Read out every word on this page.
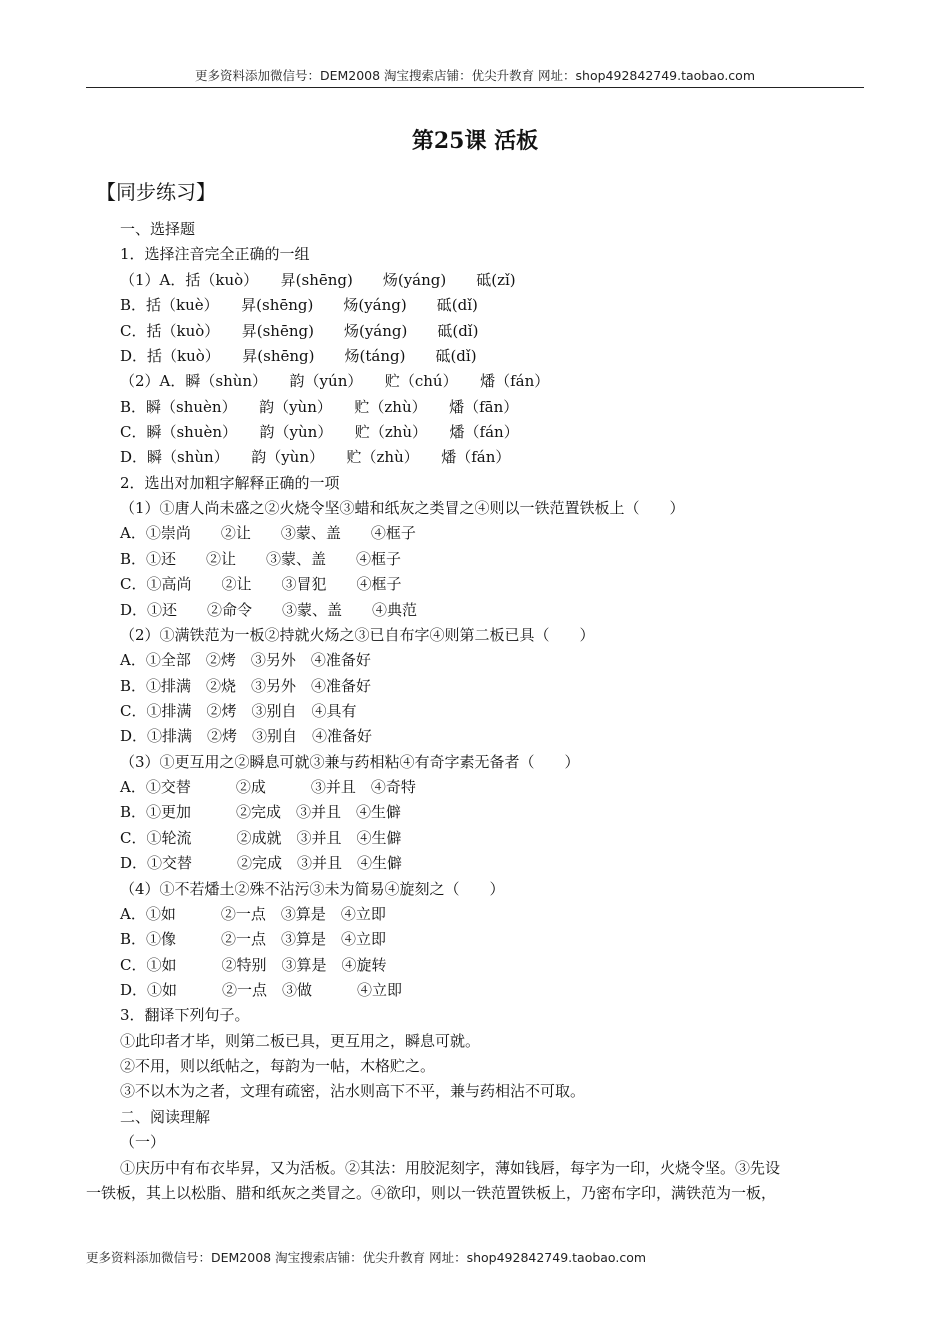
更多资料添加微信号：DEM2008 淘宝搜索店铺：优尖升教育 网址：shop492842749.taobao.com
第25课 活板
【同步练习】
一、选择题
1．选择注音完全正确的一组
（1）A．括（kuò）　　昇(shēng)　　炀(yáng)　　砥(zǐ)
B．括（kuè）　　昇(shēng)　　炀(yáng)　　砥(dǐ)
C．括（kuò）　　昇(shēng)　　炀(yáng)　　砥(dǐ)
D．括（kuò）　　昇(shēng)　　炀(táng)　　砥(dǐ)
（2）A．瞬（shùn）　　韵（yún）　　贮（chú）　　燔（fán）
B．瞬（shuèn）　　韵（yùn）　　贮（zhù）　　燔（fān）
C．瞬（shuèn）　　韵（yùn）　　贮（zhù）　　燔（fán）
D．瞬（shùn）　　韵（yùn）　　贮（zhù）　　燔（fán）
2．选出对加粗字解释正确的一项
（1）①唐人尚未盛之②火烧令坚③蜡和纸灰之类冒之④则以一铁范置铁板上（　　）
A．①崇尚　　②让　　③蒙、盖　　④框子
B．①还　　②让　　③蒙、盖　　④框子
C．①高尚　　②让　　③冒犯　　④框子
D．①还　　②命令　　③蒙、盖　　④典范
（2）①满铁范为一板②持就火炀之③已自布字④则第二板已具（　　）
A．①全部　②烤　③另外　④准备好
B．①排满　②烧　③另外　④准备好
C．①排满　②烤　③别自　④具有
D．①排满　②烤　③别自　④准备好
（3）①更互用之②瞬息可就③兼与药相粘④有奇字素无备者（　　）
A．①交替　　　②成　　　③并且　④奇特
B．①更加　　　②完成　③并且　④生僻
C．①轮流　　　②成就　③并且　④生僻
D．①交替　　　②完成　③并且　④生僻
（4）①不若燔土②殊不沾污③未为简易④旋刻之（　　）
A．①如　　　②一点　③算是　④立即
B．①像　　　②一点　③算是　④立即
C．①如　　　②特别　③算是　④旋转
D．①如　　　②一点　③做　　　④立即
3．翻译下列句子。
①此印者才毕，则第二板已具，更互用之，瞬息可就。
②不用，则以纸帖之，每韵为一帖，木格贮之。
③不以木为之者，文理有疏密，沾水则高下不平，兼与药相沾不可取。
二、阅读理解
（一）
①庆历中有布衣毕昇，又为活板。②其法：用胶泥刻字，薄如钱唇，每字为一印，火烧令坚。③先设
一铁板，其上以松脂、腊和纸灰之类冒之。④欲印，则以一铁范置铁板上，乃密布字印，满铁范为一板，
更多资料添加微信号：DEM2008 淘宝搜索店铺：优尖升教育 网址：shop492842749.taobao.com
